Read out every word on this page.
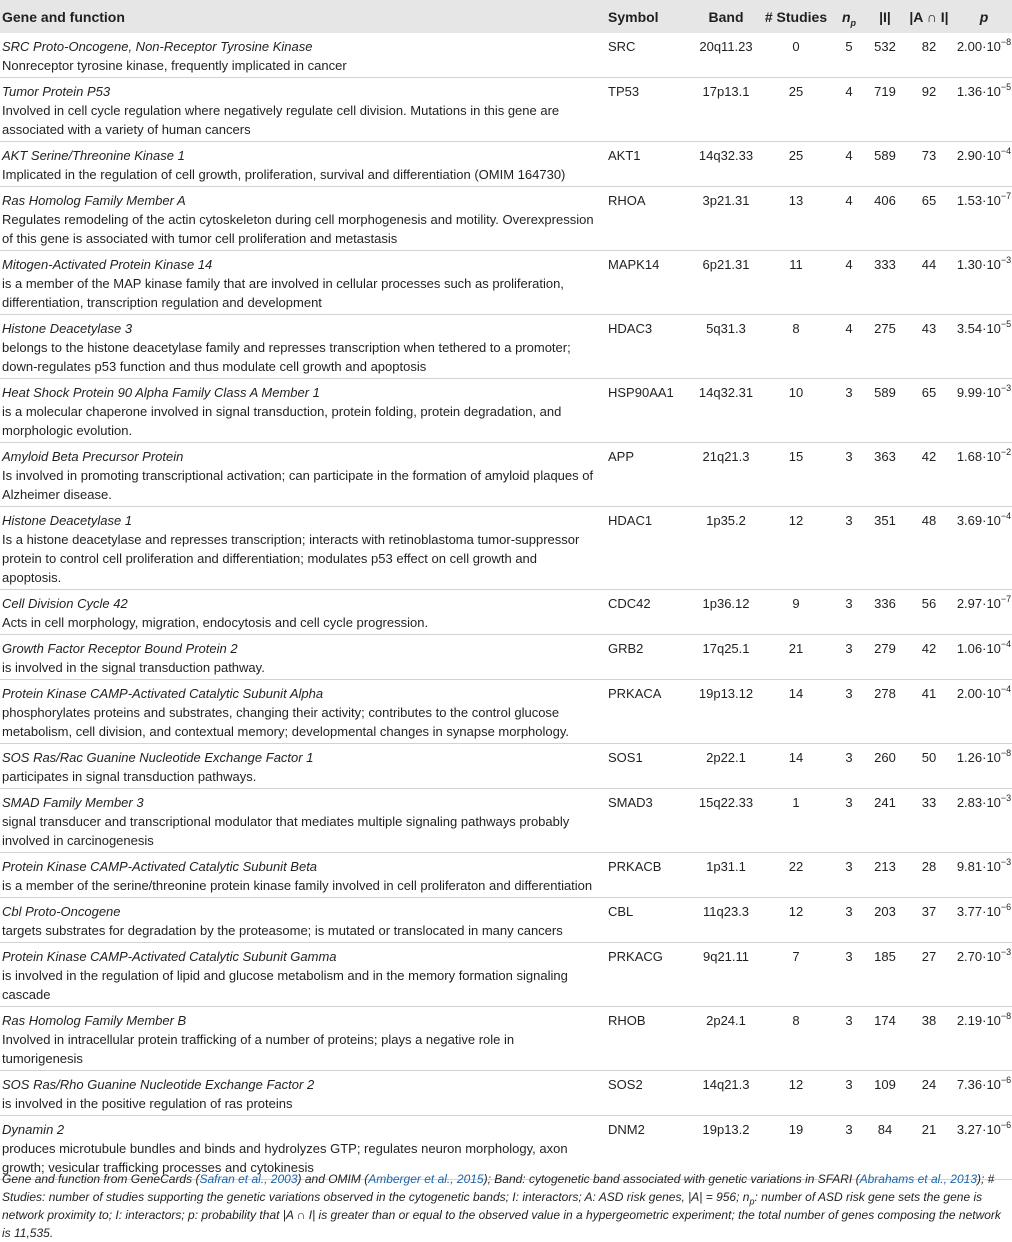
Gene and function	Symbol	Band	# Studies	$n_p$	|I|	|A ∩ I|	p

SRC Proto-Oncogene, Non-Receptor Tyrosine Kinase
Nonreceptor tyrosine kinase, frequently implicated in cancer	SRC	20q11.23	0	5	532	82	$2.00\cdot 10^{-8}$

Tumor Protein P53
Involved in cell cycle regulation where negatively regulate cell division. Mutations in this gene are associated with a variety of human cancers	TP53	17p13.1	25	4	719	92	$1.36\cdot 10^{-5}$

AKT Serine/Threonine Kinase 1
Implicated in the regulation of cell growth, proliferation, survival and differentiation (OMIM 164730)	AKT1	14q32.33	25	4	589	73	$2.90\cdot 10^{-4}$

Ras Homolog Family Member A
Regulates remodeling of the actin cytoskeleton during cell morphogenesis and motility. Overexpression of this gene is associated with tumor cell proliferation and metastasis	RHOA	3p21.31	13	4	406	65	$1.53\cdot 10^{-7}$

Mitogen-Activated Protein Kinase 14
is a member of the MAP kinase family that are involved in cellular processes such as proliferation, differentiation, transcription regulation and development	MAPK14	6p21.31	11	4	333	44	$1.30\cdot 10^{-3}$

Histone Deacetylase 3
belongs to the histone deacetylase family and represses transcription when tethered to a promoter; down-regulates p53 function and thus modulate cell growth and apoptosis	HDAC3	5q31.3	8	4	275	43	$3.54\cdot 10^{-5}$

Heat Shock Protein 90 Alpha Family Class A Member 1
is a molecular chaperone involved in signal transduction, protein folding, protein degradation, and morphologic evolution.	HSP90AA1	14q32.31	10	3	589	65	$9.99\cdot 10^{-3}$

Amyloid Beta Precursor Protein
Is involved in promoting transcriptional activation; can participate in the formation of amyloid plaques of Alzheimer disease.	APP	21q21.3	15	3	363	42	$1.68\cdot 10^{-2}$

Histone Deacetylase 1
Is a histone deacetylase and represses transcription; interacts with retinoblastoma tumor-suppressor protein to control cell proliferation and differentiation; modulates p53 effect on cell growth and apoptosis.	HDAC1	1p35.2	12	3	351	48	$3.69\cdot 10^{-4}$

Cell Division Cycle 42
Acts in cell morphology, migration, endocytosis and cell cycle progression.	CDC42	1p36.12	9	3	336	56	$2.97\cdot 10^{-7}$

Growth Factor Receptor Bound Protein 2
is involved in the signal transduction pathway.	GRB2	17q25.1	21	3	279	42	$1.06\cdot 10^{-4}$

Protein Kinase CAMP-Activated Catalytic Subunit Alpha
phosphorylates proteins and substrates, changing their activity; contributes to the control glucose metabolism, cell division, and contextual memory; developmental changes in synapse morphology.	PRKACA	19p13.12	14	3	278	41	$2.00\cdot 10^{-4}$

SOS Ras/Rac Guanine Nucleotide Exchange Factor 1
participates in signal transduction pathways.	SOS1	2p22.1	14	3	260	50	$1.26\cdot 10^{-8}$

SMAD Family Member 3
signal transducer and transcriptional modulator that mediates multiple signaling pathways probably involved in carcinogenesis	SMAD3	15q22.33	1	3	241	33	$2.83\cdot 10^{-3}$

Protein Kinase CAMP-Activated Catalytic Subunit Beta
is a member of the serine/threonine protein kinase family involved in cell proliferaton and differentiation	PRKACB	1p31.1	22	3	213	28	$9.81\cdot 10^{-3}$

Cbl Proto-Oncogene
targets substrates for degradation by the proteasome; is mutated or translocated in many cancers	CBL	11q23.3	12	3	203	37	$3.77\cdot 10^{-6}$

Protein Kinase CAMP-Activated Catalytic Subunit Gamma
is involved in the regulation of lipid and glucose metabolism and in the memory formation signaling cascade	PRKACG	9q21.11	7	3	185	27	$2.70\cdot 10^{-3}$

Ras Homolog Family Member B
Involved in intracellular protein trafficking of a number of proteins; plays a negative role in tumorigenesis	RHOB	2p24.1	8	3	174	38	$2.19\cdot 10^{-8}$

SOS Ras/Rho Guanine Nucleotide Exchange Factor 2
is involved in the positive regulation of ras proteins	SOS2	14q21.3	12	3	109	24	$7.36\cdot 10^{-6}$

Dynamin 2
produces microtubule bundles and binds and hydrolyzes GTP; regulates neuron morphology, axon growth; vesicular trafficking processes and cytokinesis	DNM2	19p13.2	19	3	84	21	$3.27\cdot 10^{-6}$
Gene and function from GeneCards (Safran et al., 2003) and OMIM (Amberger et al., 2015); Band: cytogenetic band associated with genetic variations in SFARI (Abrahams et al., 2013); # Studies: number of studies supporting the genetic variations observed in the cytogenetic bands; I: interactors; A: ASD risk genes, |A| = 956; $n_p$: number of ASD risk gene sets the gene is network proximity to; I: interactors; p: probability that |A ∩ I| is greater than or equal to the observed value in a hypergeometric experiment; the total number of genes composing the network is 11,535.
